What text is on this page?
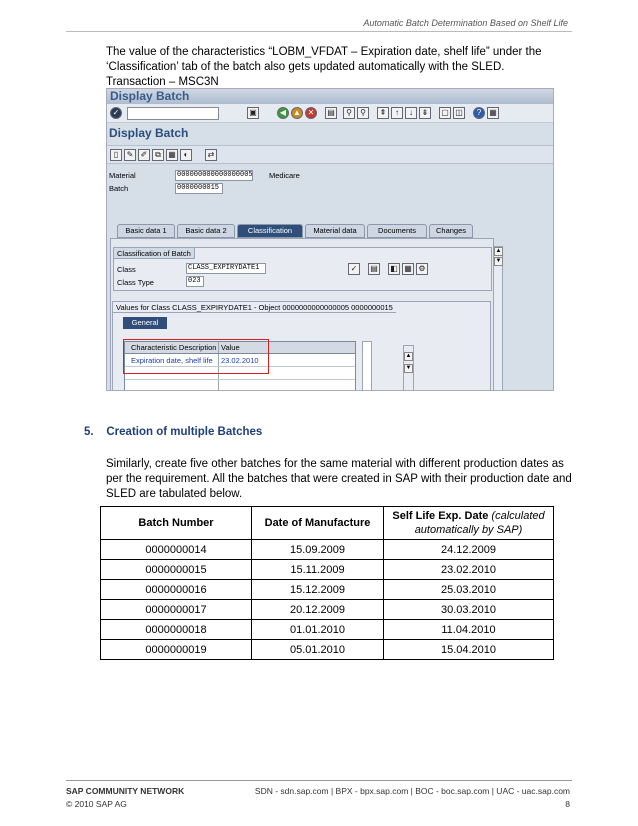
Automatic Batch Determination Based on Shelf Life
The value of the characteristics “LOBM_VFDAT – Expiration date, shelf life” under the ‘Classification’ tab of the batch also gets updated automatically with the SLED.
Transaction – MSC3N
Display Batch
✓	▣	◀ ▲ ✕	▤	⚲	⚲	⇞	↑	↓	⇟	▢ ◫	?	▦
Display Batch
▯	✎ ✐ ⧉ ▦ ◐	⇄
Material	000000000000000005 Medicare
Batch	0000000015
Basic data 1	Basic data 2	Classification	Material data	Documents	Changes
Classification of Batch
Class	CLASS_EXPIRYDATE1
Class Type	023
✓	▤ ◧ ▦ ⚙
Values for Class CLASS_EXPIRYDATE1 - Object 0000000000000005 0000000015
General
Characteristic Description Value
Expiration date, shelf life 23.02.2010	▲
▼
▲
▼
5. Creation of multiple Batches
Similarly, create five other batches for the same material with different production dates as per the requirement. All the batches that were created in SAP with their production date and SLED are tabulated below.
Batch Number	Date of Manufacture	Self Life Exp. Date (calculated automatically by SAP)
0000000014	15.09.2009	24.12.2009
0000000015	15.11.2009	23.02.2010
0000000016	15.12.2009	25.03.2010
0000000017	20.12.2009	30.03.2010
0000000018	01.01.2010	11.04.2010
0000000019	05.01.2010	15.04.2010
SAP COMMUNITY NETWORK	SDN - sdn.sap.com | BPX - bpx.sap.com | BOC - boc.sap.com | UAC - uac.sap.com
© 2010 SAP AG	8
